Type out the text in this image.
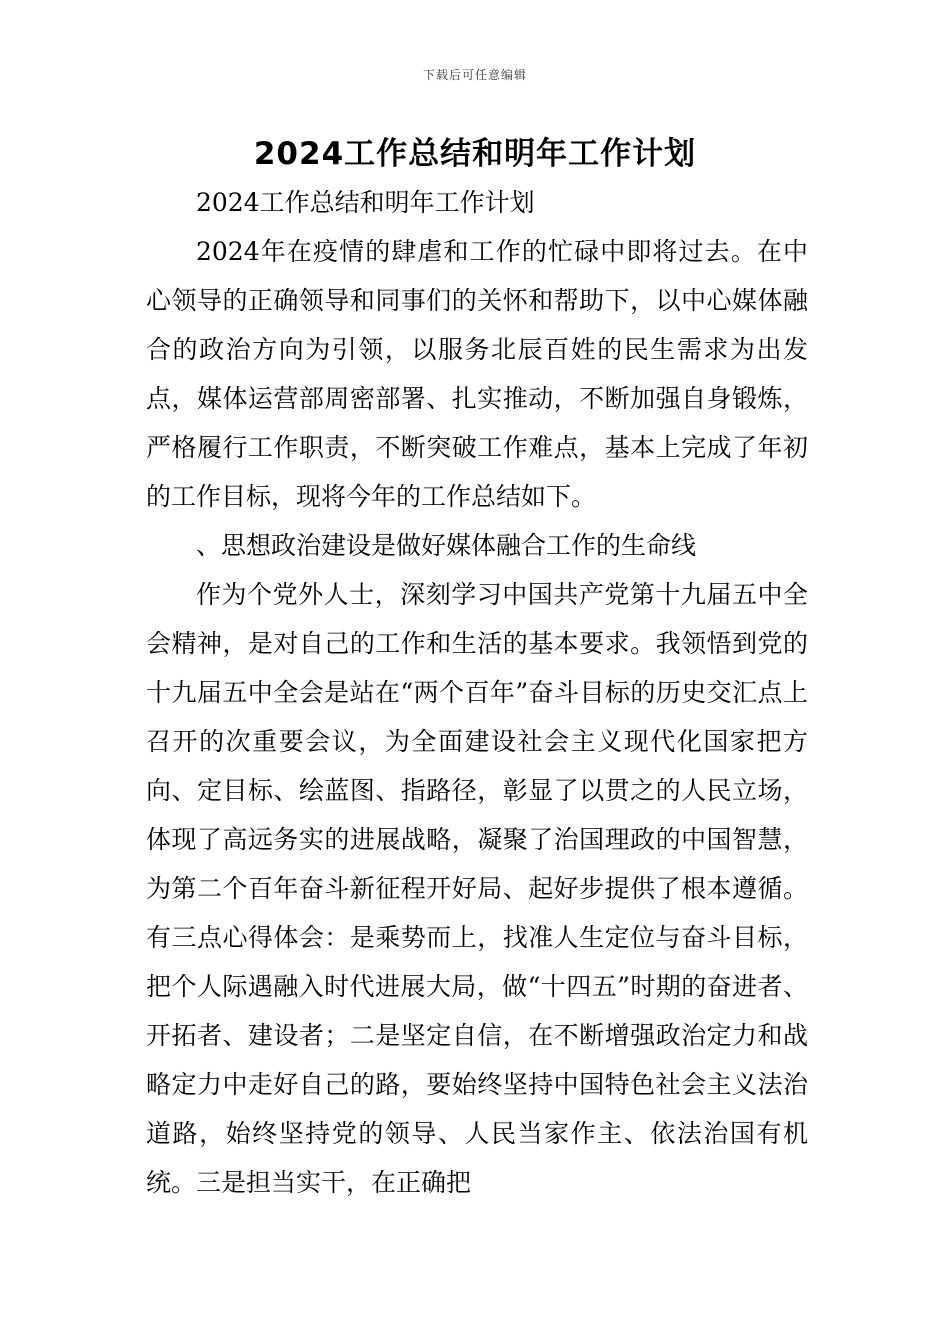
下载后可任意编辑
2024工作总结和明年工作计划

2024工作总结和明年工作计划

2024年在疫情的肆虐和工作的忙碌中即将过去。在中心领导的正确领导和同事们的关怀和帮助下，以中心媒体融合的政治方向为引领，以服务北辰百姓的民生需求为出发点，媒体运营部周密部署、扎实推动，不断加强自身锻炼，严格履行工作职责，不断突破工作难点，基本上完成了年初的工作目标，现将今年的工作总结如下。

、思想政治建设是做好媒体融合工作的生命线

作为个党外人士，深刻学习中国共产党第十九届五中全会精神，是对自己的工作和生活的基本要求。我领悟到党的十九届五中全会是站在“两个百年”奋斗目标的历史交汇点上召开的次重要会议，为全面建设社会主义现代化国家把方向、定目标、绘蓝图、指路径，彰显了以贯之的人民立场，体现了高远务实的进展战略，凝聚了治国理政的中国智慧，为第二个百年奋斗新征程开好局、起好步提供了根本遵循。有三点心得体会：是乘势而上，找准人生定位与奋斗目标，把个人际遇融入时代进展大局，做“十四五”时期的奋进者、开拓者、建设者；二是坚定自信，在不断增强政治定力和战略定力中走好自己的路，要始终坚持中国特色社会主义法治道路，始终坚持党的领导、人民当家作主、依法治国有机统。三是担当实干，在正确把
